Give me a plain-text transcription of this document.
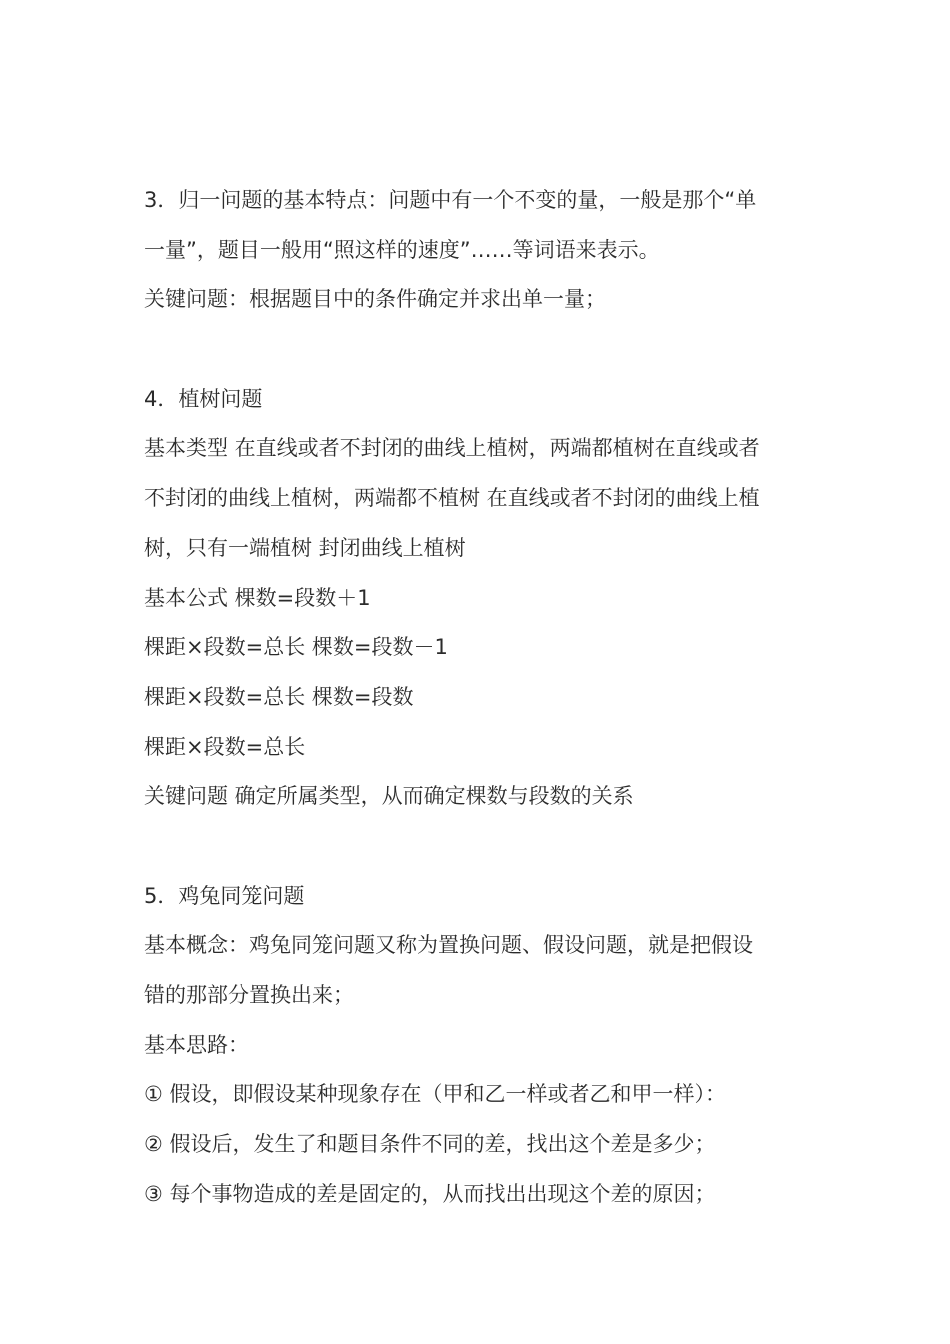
3．归一问题的基本特点：问题中有一个不变的量，一般是那个“单
一量”，题目一般用“照这样的速度”……等词语来表示。
关键问题：根据题目中的条件确定并求出单一量；
4．植树问题
基本类型 在直线或者不封闭的曲线上植树，两端都植树在直线或者
不封闭的曲线上植树，两端都不植树 在直线或者不封闭的曲线上植
树，只有一端植树 封闭曲线上植树
基本公式 棵数=段数＋1
棵距×段数=总长 棵数=段数－1
棵距×段数=总长 棵数=段数
棵距×段数=总长
关键问题 确定所属类型，从而确定棵数与段数的关系
5．鸡兔同笼问题
基本概念：鸡兔同笼问题又称为置换问题、假设问题，就是把假设
错的那部分置换出来；
基本思路：
① 假设，即假设某种现象存在（甲和乙一样或者乙和甲一样）：
② 假设后，发生了和题目条件不同的差，找出这个差是多少；
③ 每个事物造成的差是固定的，从而找出出现这个差的原因；
